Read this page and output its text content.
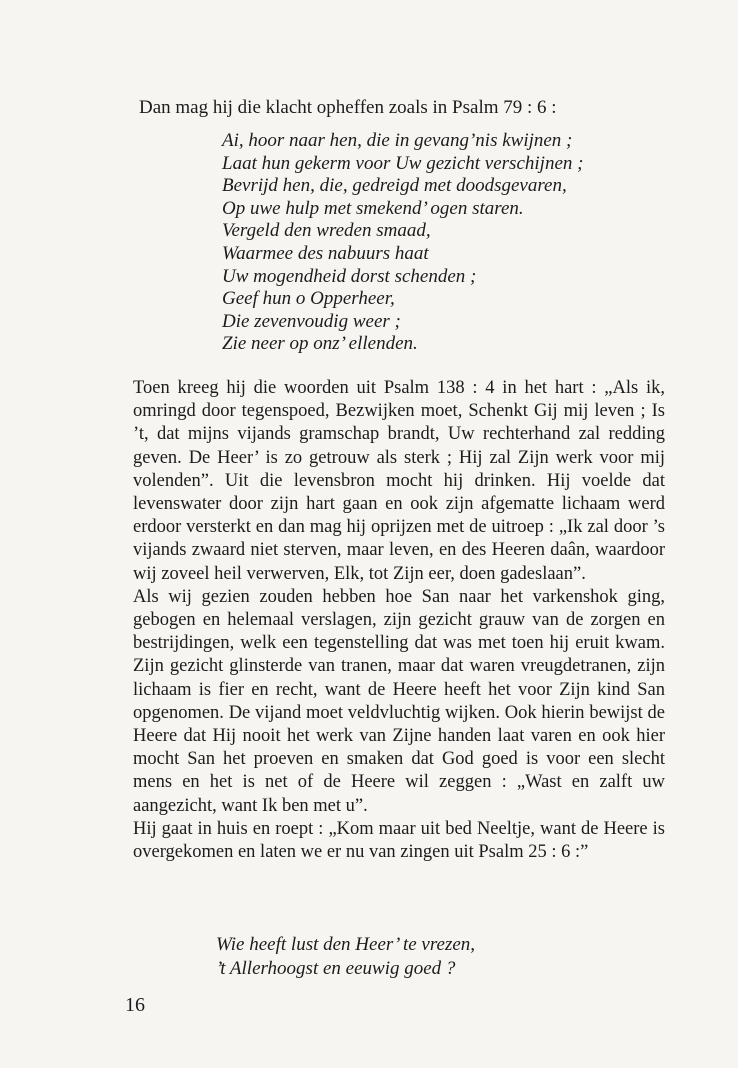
Dan mag hij die klacht opheffen zoals in Psalm 79 : 6 :
Ai, hoor naar hen, die in gevang’nis kwijnen ;
Laat hun gekerm voor Uw gezicht verschijnen ;
Bevrijd hen, die, gedreigd met doodsgevaren,
Op uwe hulp met smekend’ ogen staren.
Vergeld den wreden smaad,
Waarmee des nabuurs haat
Uw mogendheid dorst schenden ;
Geef hun o Opperheer,
Die zevenvoudig weer ;
Zie neer op onz’ ellenden.

Toen kreeg hij die woorden uit Psalm 138 : 4 in het hart : „Als ik, omringd door tegenspoed, Bezwijken moet, Schenkt Gij mij leven ; Is ’t, dat mijns vijands gramschap brandt, Uw rechterhand zal redding geven. De Heer’ is zo getrouw als sterk ; Hij zal Zijn werk voor mij volenden”. Uit die levensbron mocht hij drinken. Hij voelde dat levenswater door zijn hart gaan en ook zijn afgematte lichaam werd erdoor versterkt en dan mag hij oprijzen met de uitroep : „Ik zal door ’s vijands zwaard niet sterven, maar leven, en des Heeren daân, waardoor wij zoveel heil verwerven, Elk, tot Zijn eer, doen gadeslaan”.

Als wij gezien zouden hebben hoe San naar het varkenshok ging, gebogen en helemaal verslagen, zijn gezicht grauw van de zorgen en bestrijdingen, welk een tegenstelling dat was met toen hij eruit kwam. Zijn gezicht glinsterde van tranen, maar dat waren vreugdetranen, zijn lichaam is fier en recht, want de Heere heeft het voor Zijn kind San opgenomen. De vijand moet veldvluchtig wijken. Ook hierin bewijst de Heere dat Hij nooit het werk van Zijne handen laat varen en ook hier mocht San het proeven en smaken dat God goed is voor een slecht mens en het is net of de Heere wil zeggen : „Wast en zalft uw aangezicht, want Ik ben met u”.

Hij gaat in huis en roept : „Kom maar uit bed Neeltje, want de Heere is overgekomen en laten we er nu van zingen uit Psalm 25 : 6 :”

Wie heeft lust den Heer’ te vrezen,
’t Allerhoogst en eeuwig goed ?
16
